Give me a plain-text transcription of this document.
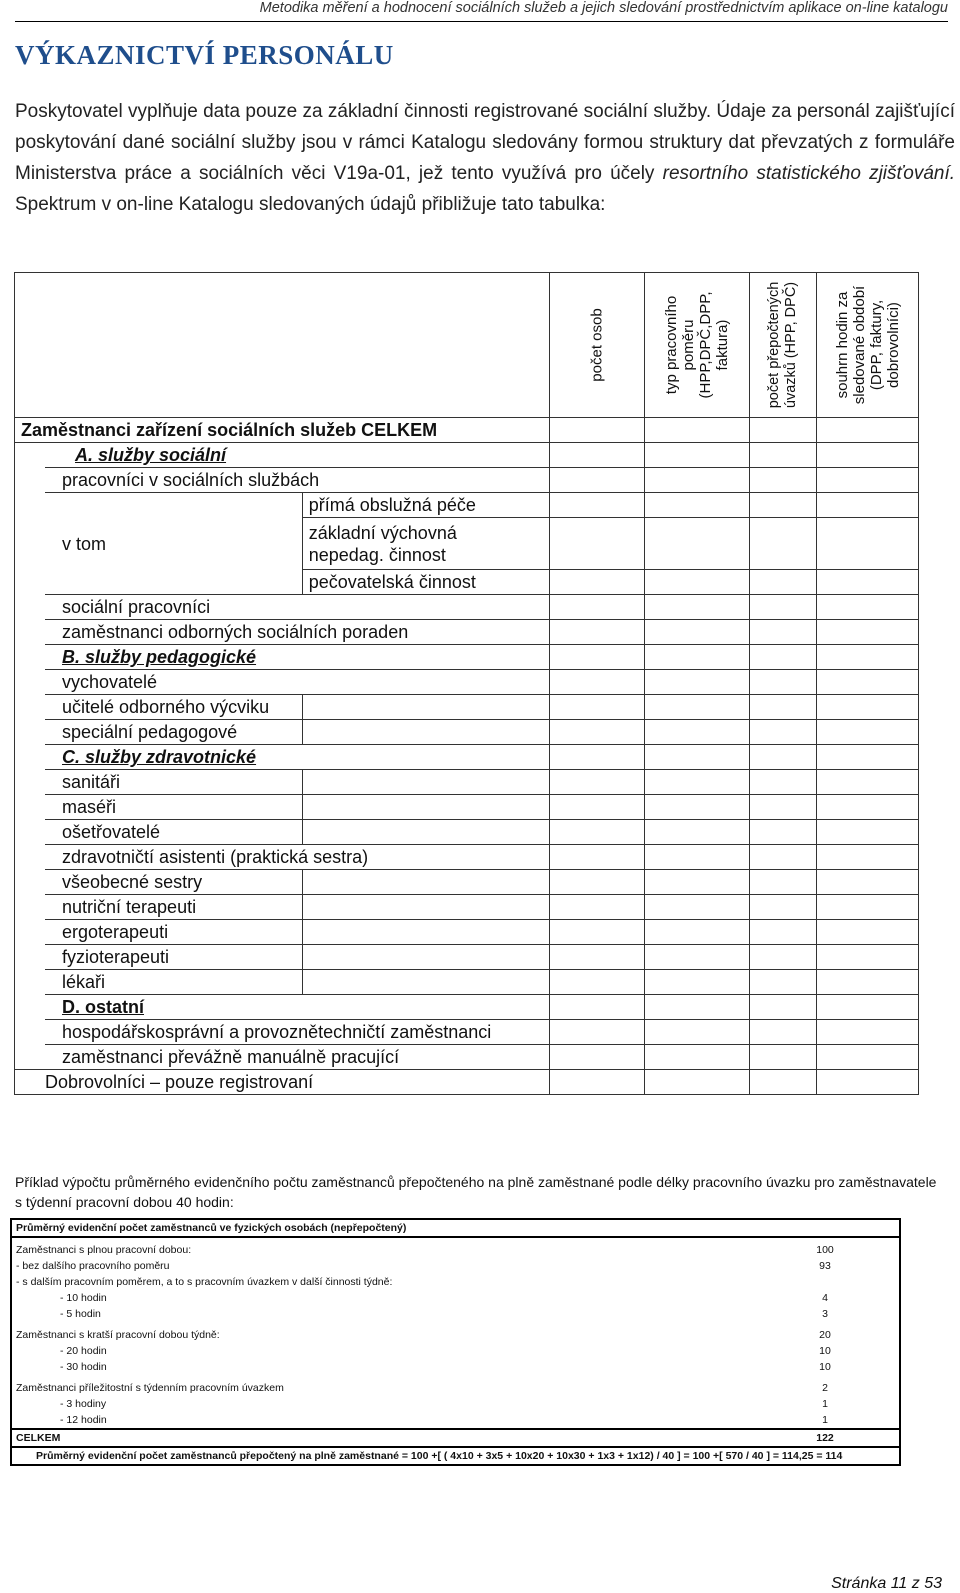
Metodika měření a hodnocení sociálních služeb a jejich sledování prostřednictvím aplikace on-line katalogu
VÝKAZNICTVÍ PERSONÁLU

Poskytovatel vyplňuje data pouze za základní činnosti registrované sociální služby. Údaje za personál zajišťující poskytování dané sociální služby jsou v rámci Katalogu sledovány formou struktury dat převzatých z formuláře Ministerstva práce a sociálních věci V19a-01, jež tento využívá pro účely resortního statistického zjišťování. Spektrum v on-line Katalogu sledovaných údajů přibližuje tato tabulka:

			počet osob	typ pracovního poměru (HPP,DPČ,DPP, faktura)	počet přepočtených úvazků (HPP, DPČ)	souhrn hodin za sledované období (DPP, faktury, dobrovolníci)

Zaměstnanci zařízení sociálních služeb CELKEM						
	A. služby sociální					
	pracovníci v sociálních službách					
	v tom	přímá obslužná péče				
		základní výchovná
nepedag. činnost				
		pečovatelská činnost				
	sociální pracovníci					
	zaměstnanci odborných sociálních poraden					
	B. služby pedagogické					
	vychovatelé					
	učitelé odborného výcviku					
	speciální pedagogové					
	C. služby zdravotnické					
	sanitáři					
	maséři					
	ošetřovatelé					
	zdravotničtí asistenti (praktická sestra)					
	všeobecné sestry					
	nutriční terapeuti					
	ergoterapeuti					
	fyzioterapeuti					
	lékaři					
	D. ostatní					
	hospodářskosprávní a provoznětechničtí zaměstnanci					
	zaměstnanci převážně manuálně pracující					
Dobrovolníci – pouze registrovaní						

Příklad výpočtu průměrného evidenčního počtu zaměstnanců přepočteného na plně zaměstnané podle délky pracovního úvazku pro zaměstnavatele s týdenní pracovní dobou 40 hodin:

Průměrný evidenční počet zaměstnanců ve fyzických osobách (nepřepočtený)	

Zaměstnanci s plnou pracovní dobou:	100
- bez dalšího pracovního poměru	93
- s dalším pracovním poměrem, a to s pracovním úvazkem v další činnosti týdně:	
- 10 hodin	4
- 5 hodin	3
Zaměstnanci s kratší pracovní dobou týdně:	20
- 20 hodin	10
- 30 hodin	10
Zaměstnanci příležitostní s týdenním pracovním úvazkem	2
- 3 hodiny	1
- 12 hodin	1
CELKEM	122
Průměrný evidenční počet zaměstnanců přepočtený na plně zaměstnané = 100 +[ ( 4x10 + 3x5 + 10x20 + 10x30 + 1x3 + 1x12) / 40 ] = 100 +[ 570 / 40 ] = 114,25 = 114	
Stránka 11 z 53
